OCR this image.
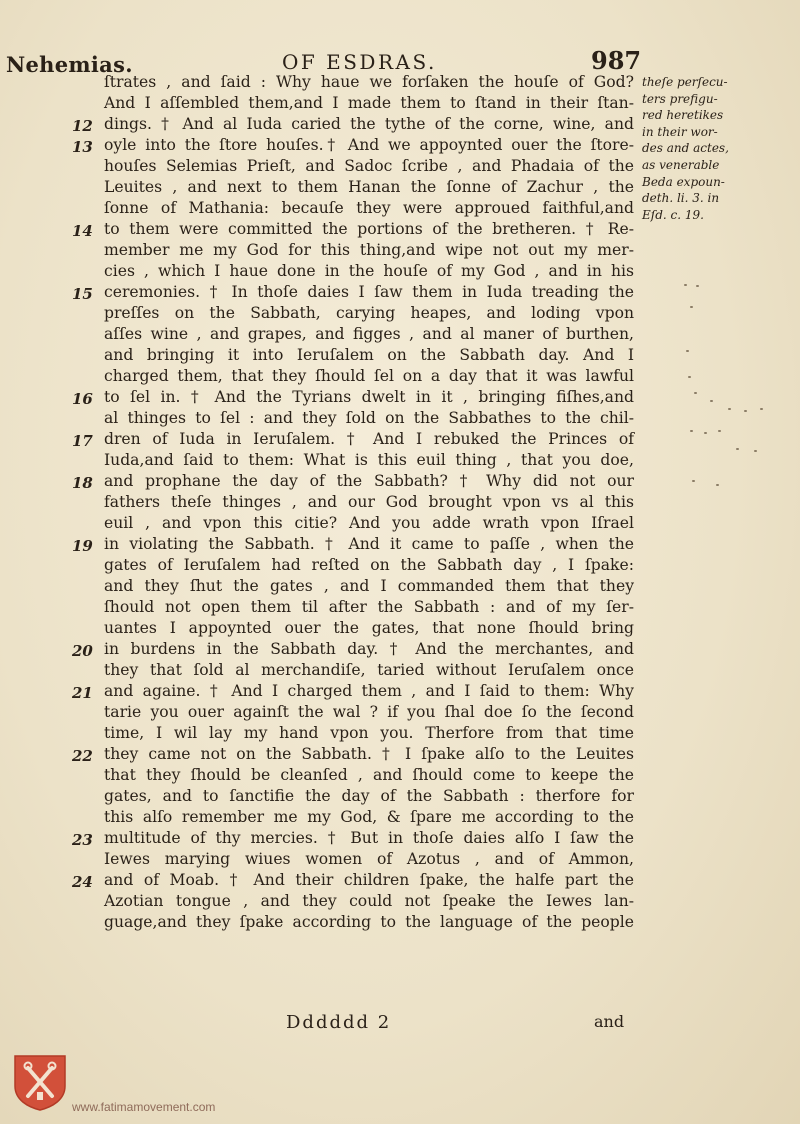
Nehemias.	OF ESDRAS.	987
ſtrates , and ſaid : Why haue we forſaken the houſe of God?
And I aſſembled them,and I made them to ſtand in their ſtan-
12 dings. † And al Iuda caried the tythe of the corne, wine, and
13 oyle into the ſtore houſes.† And we appoynted ouer the ſtore-
houſes Selemias Prieſt, and Sadoc ſcribe , and Phadaia of the
Leuites , and next to them Hanan the ſonne of Zachur , the
ſonne of Mathania: becauſe they were approued faithful,and
14 to them were committed the portions of the bretheren. † Re-
member me my God for this thing,and wipe not out my mer-
cies , which I haue done in the houſe of my God , and in his
15 ceremonies. † In thoſe daies I ſaw them in Iuda treading the
preſſes on the Sabbath, carying heapes, and loding vpon
aſſes wine , and grapes, and figges , and al maner of burthen,
and bringing it into Ieruſalem on the Sabbath day. And I
charged them, that they ſhould ſel on a day that it was lawful
16 to ſel in. † And the Tyrians dwelt in it , bringing fiſhes,and
al thinges to ſel : and they ſold on the Sabbathes to the chil-
17 dren of Iuda in Ieruſalem. † And I rebuked the Princes of
Iuda,and ſaid to them: What is this euil thing , that you doe,
18 and prophane the day of the Sabbath? † Why did not our
fathers theſe thinges , and our God brought vpon vs al this
euil , and vpon this citie? And you adde wrath vpon Iſrael
19 in violating the Sabbath. † And it came to paſſe , when the
gates of Ieruſalem had reſted on the Sabbath day , I ſpake:
and they ſhut the gates , and I commanded them that they
ſhould not open them til after the Sabbath : and of my ſer-
uantes I appoynted ouer the gates, that none ſhould bring
20 in burdens in the Sabbath day. † And the merchantes, and
they that ſold al merchandiſe, taried without Ieruſalem once
21 and againe. † And I charged them , and I ſaid to them: Why
tarie you ouer againſt the wal ? if you ſhal doe ſo the ſecond
time, I wil lay my hand vpon you. Therfore from that time
22 they came not on the Sabbath. † I ſpake alſo to the Leuites
that they ſhould be cleanſed , and ſhould come to keepe the
gates, and to ſanctifie the day of the Sabbath : therfore for
this alſo remember me my God, & ſpare me according to the
23 multitude of thy mercies. † But in thoſe daies alſo I ſaw the
Iewes marying wiues women of Azotus , and of Ammon,
24 and of Moab. † And their children ſpake, the halfe part the
Azotian tongue , and they could not ſpeake the Iewes lan-
guage,and they ſpake according to the language of the people
theſe perſecu-
ters prefigu-
red heretikes
in their wor-
des and actes,
as venerable
Beda expoun-
deth. li. 3. in
Eſd. c. 19.
Dddddd 2	and
www.fatimamovement.com
